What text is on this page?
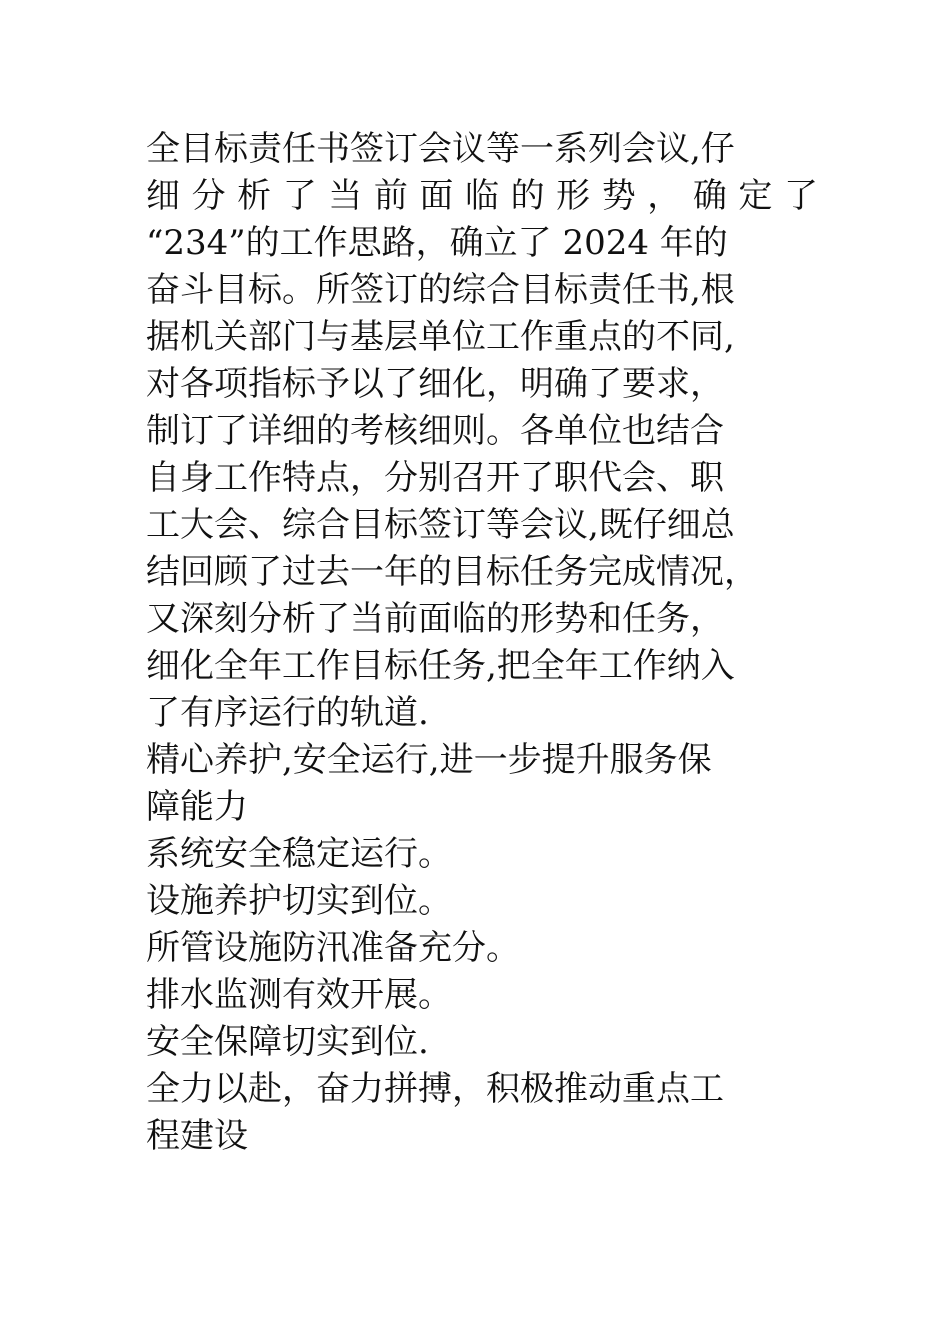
全目标责任书签订会议等一系列会议,仔
细分析了当前面临的形势，确定了
“234”的工作思路，确立了 2024 年的
奋斗目标。所签订的综合目标责任书,根
据机关部门与基层单位工作重点的不同,
对各项指标予以了细化，明确了要求，
制订了详细的考核细则。各单位也结合
自身工作特点，分别召开了职代会、职
工大会、综合目标签订等会议,既仔细总
结回顾了过去一年的目标任务完成情况，
又深刻分析了当前面临的形势和任务，
细化全年工作目标任务,把全年工作纳入
了有序运行的轨道.
精心养护,安全运行,进一步提升服务保
障能力
系统安全稳定运行。
设施养护切实到位。
所管设施防汛准备充分。
排水监测有效开展。
安全保障切实到位.
全力以赴，奋力拼搏，积极推动重点工
程建设
